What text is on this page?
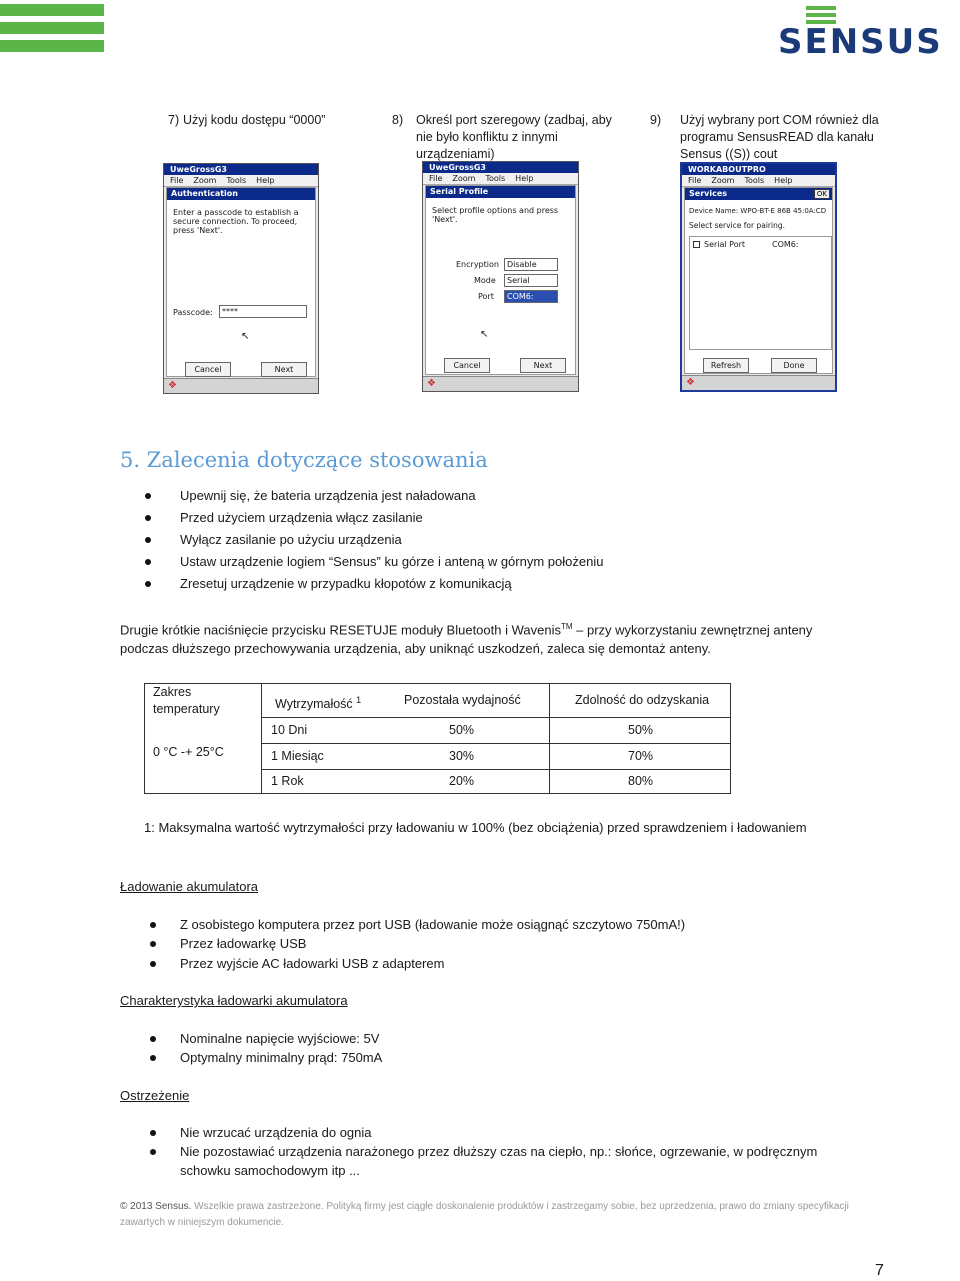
SENSUS
7) Użyj kodu dostępu “0000”	8) Określ port szeregowy (zadbaj, aby nie było konfliktu z innymi urządzeniami)
9) Użyj wybrany port COM również dla programu SensusREAD dla kanału Sensus ((S)) cout
UweGrossG3
File Zoom Tools Help
Authentication
Enter a passcode to establish a secure connection. To proceed, press 'Next'.
Passcode:	****
↖
Cancel	Next
❖
UweGrossG3
File Zoom Tools Help
Serial Profile
Select profile options and press 'Next'.
Encryption	Disable
Mode	Serial
Port	COM6:
↖
Cancel	Next
❖
WORKABOUTPRO
File Zoom Tools Help
Services	OK
Device Name: WPO-BT-E 86B 45:0A:CD
Select service for pairing.
Serial Port	COM6:
Refresh	Done
❖
5. Zalecenia dotyczące stosowania
Upewnij się, że bateria urządzenia jest naładowana
Przed użyciem urządzenia włącz zasilanie
Wyłącz zasilanie po użyciu urządzenia
Ustaw urządzenie logiem “Sensus” ku górze i anteną w górnym położeniu
Zresetuj urządzenie w przypadku kłopotów z komunikacją
Drugie krótkie naciśnięcie przycisku RESETUJE moduły Bluetooth i Wavenis™ – przy wykorzystaniu zewnętrznej anteny
podczas dłuższego przechowywania urządzenia, aby uniknąć uszkodzeń, zaleca się demontaż anteny.
Zakres
temperatury
0 °C -+ 25°C
Wytrzymałość $^1$	Pozostała wydajność	Zdolność do odzyskania
10 Dni	50%	50%
1 Miesiąc	30%	70%
1 Rok	20%	80%
1: Maksymalna wartość wytrzymałości przy ładowaniu w 100% (bez obciążenia) przed sprawdzeniem i ładowaniem
Ładowanie akumulatora
Z osobistego komputera przez port USB (ładowanie może osiągnąć szczytowo 750mA!)
Przez ładowarkę USB
Przez wyjście AC ładowarki USB z adapterem
Charakterystyka ładowarki akumulatora
Nominalne napięcie wyjściowe: 5V
Optymalny minimalny prąd: 750mA
Ostrzeżenie
Nie wrzucać urządzenia do ognia
Nie pozostawiać urządzenia narażonego przez dłuższy czas na ciepło, np.: słońce, ogrzewanie, w podręcznym
schowku samochodowym itp ...
© 2013 Sensus. Wszelkie prawa zastrzeżone. Polityką firmy jest ciągłe doskonalenie produktów i zastrzegamy sobie, bez uprzedzenia, prawo do zmiany specyfikacji zawartych w niniejszym dokumencie.
7
